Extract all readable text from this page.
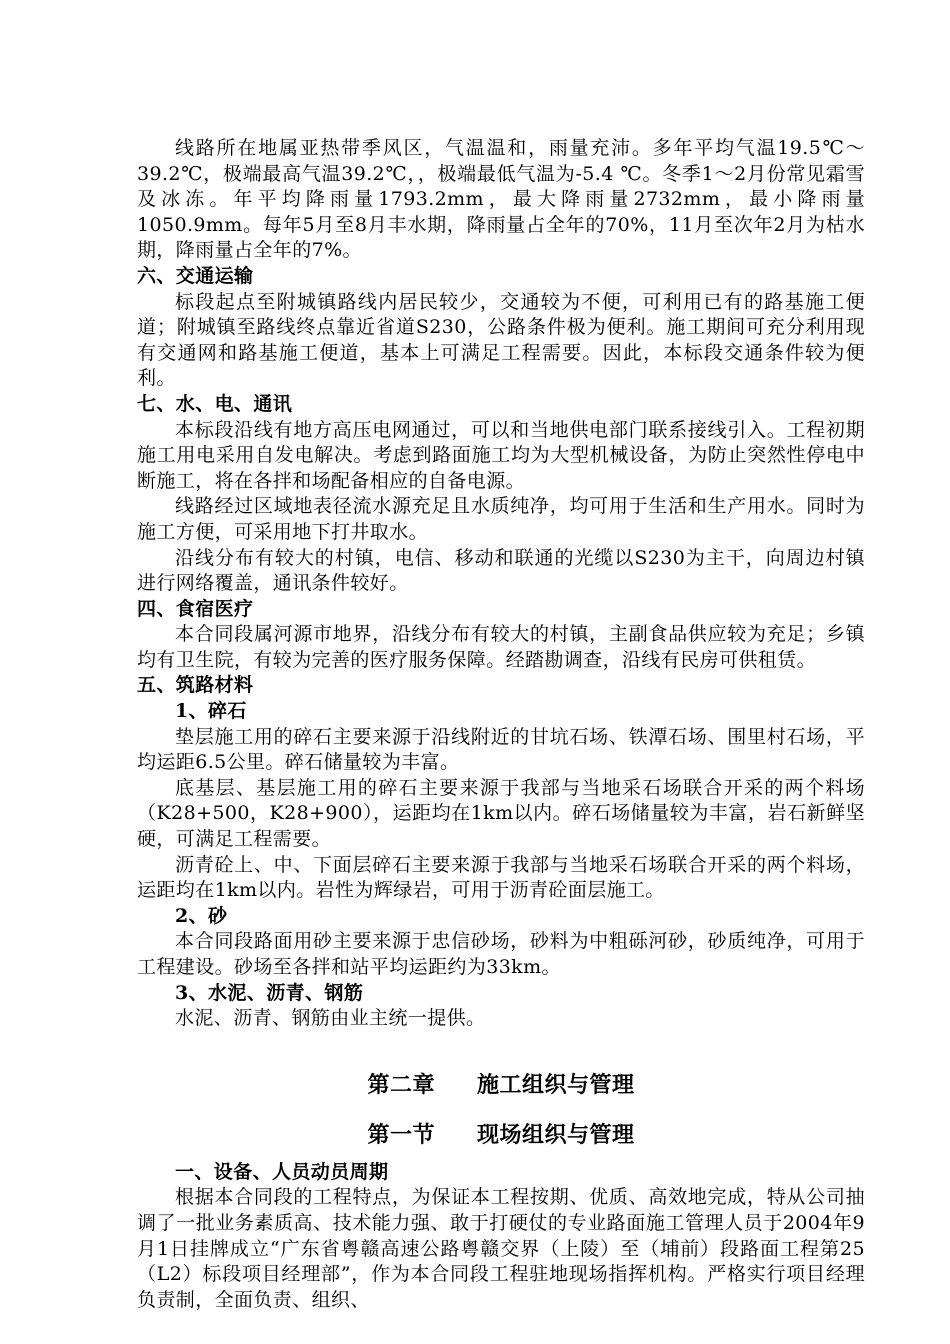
线路所在地属亚热带季风区，气温温和，雨量充沛。多年平均气温19.5℃～39.2℃，极端最高气温39.2℃，，极端最低气温为-5.4 ℃。冬季1～2月份常见霜雪及冰冻。年平均降雨量1793.2mm，最大降雨量2732mm，最小降雨量1050.9mm。每年5月至8月丰水期，降雨量占全年的70%，11月至次年2月为枯水期，降雨量占全年的7%。

六、交通运输

标段起点至附城镇路线内居民较少，交通较为不便，可利用已有的路基施工便道；附城镇至路线终点靠近省道S230，公路条件极为便利。施工期间可充分利用现有交通网和路基施工便道，基本上可满足工程需要。因此，本标段交通条件较为便利。

七、水、电、通讯

本标段沿线有地方高压电网通过，可以和当地供电部门联系接线引入。工程初期施工用电采用自发电解决。考虑到路面施工均为大型机械设备，为防止突然性停电中断施工，将在各拌和场配备相应的自备电源。

线路经过区域地表径流水源充足且水质纯净，均可用于生活和生产用水。同时为施工方便，可采用地下打井取水。

沿线分布有较大的村镇，电信、移动和联通的光缆以S230为主干，向周边村镇进行网络覆盖，通讯条件较好。

四、食宿医疗

本合同段属河源市地界，沿线分布有较大的村镇，主副食品供应较为充足；乡镇均有卫生院，有较为完善的医疗服务保障。经踏勘调查，沿线有民房可供租赁。

五、筑路材料

1、碎石

垫层施工用的碎石主要来源于沿线附近的甘坑石场、铁潭石场、围里村石场，平均运距6.5公里。碎石储量较为丰富。

底基层、基层施工用的碎石主要来源于我部与当地采石场联合开采的两个料场（K28+500，K28+900），运距均在1km以内。碎石场储量较为丰富，岩石新鲜坚硬，可满足工程需要。

沥青砼上、中、下面层碎石主要来源于我部与当地采石场联合开采的两个料场，运距均在1km以内。岩性为辉绿岩，可用于沥青砼面层施工。

2、砂

本合同段路面用砂主要来源于忠信砂场，砂料为中粗砾河砂，砂质纯净，可用于工程建设。砂场至各拌和站平均运距约为33km。

3、水泥、沥青、钢筋

水泥、沥青、钢筋由业主统一提供。

第二章 施工组织与管理

第一节 现场组织与管理

一、设备、人员动员周期

根据本合同段的工程特点，为保证本工程按期、优质、高效地完成，特从公司抽调了一批业务素质高、技术能力强、敢于打硬仗的专业路面施工管理人员于2004年9月1日挂牌成立“广东省粤赣高速公路粤赣交界（上陵）至（埔前）段路面工程第25（L2）标段项目经理部”，作为本合同段工程驻地现场指挥机构。严格实行项目经理负责制，全面负责、组织、
